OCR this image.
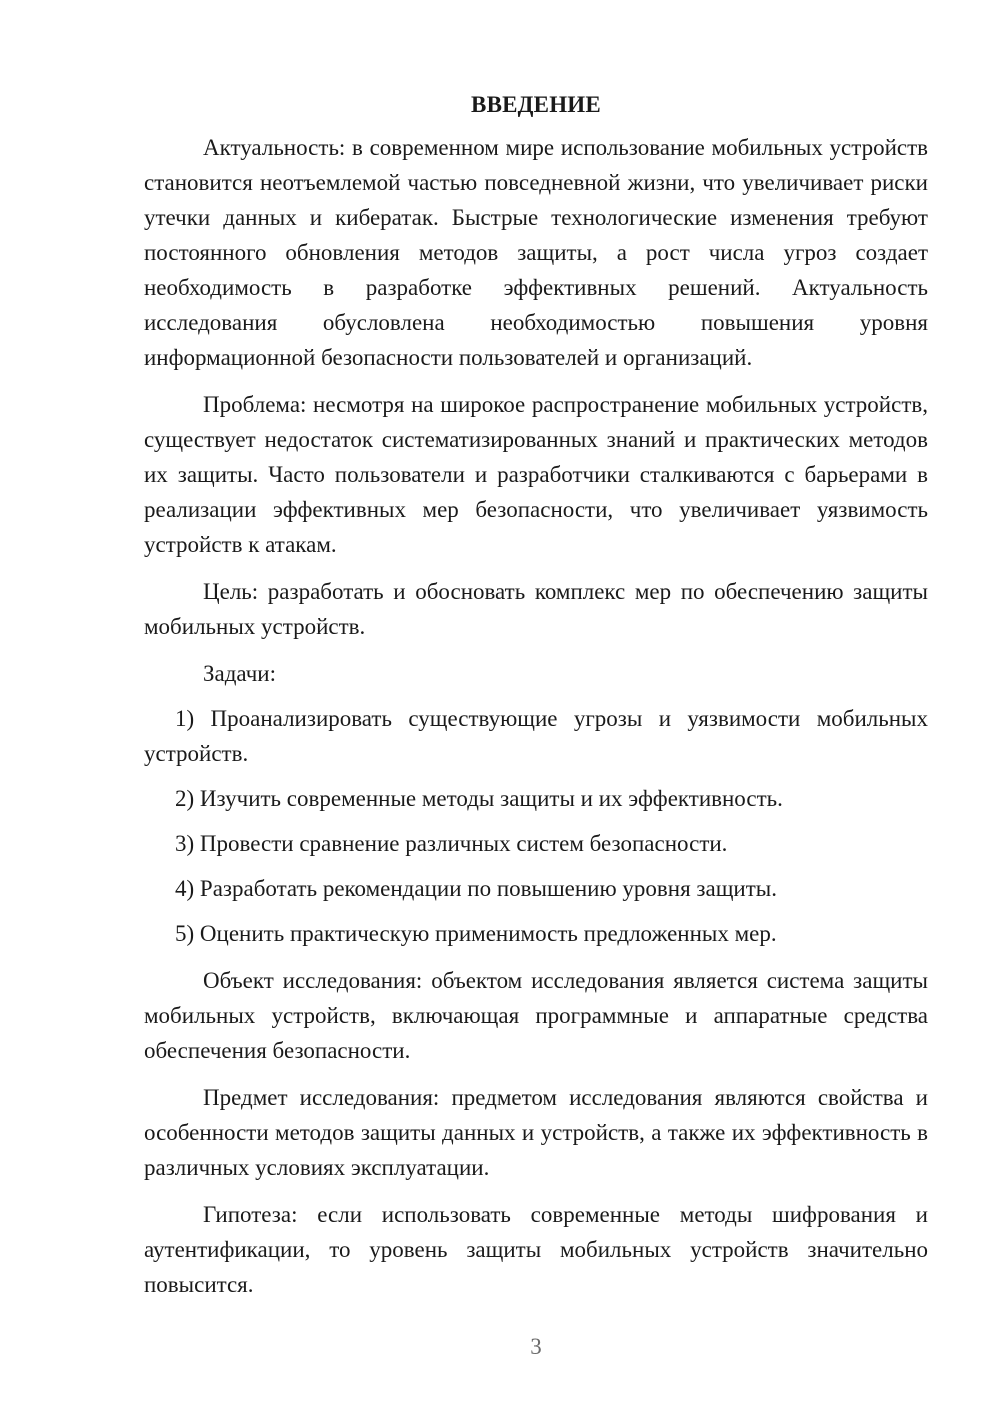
ВВЕДЕНИЕ

Актуальность: в современном мире использование мобильных устройств становится неотъемлемой частью повседневной жизни, что увеличивает риски утечки данных и кибератак. Быстрые технологические изменения требуют постоянного обновления методов защиты, а рост числа угроз создает необходимость в разработке эффективных решений. Актуальность исследования обусловлена необходимостью повышения уровня информационной безопасности пользователей и организаций.

Проблема: несмотря на широкое распространение мобильных устройств, существует недостаток систематизированных знаний и практических методов их защиты. Часто пользователи и разработчики сталкиваются с барьерами в реализации эффективных мер безопасности, что увеличивает уязвимость устройств к атакам.

Цель: разработать и обосновать комплекс мер по обеспечению защиты мобильных устройств.

Задачи:

1) Проанализировать существующие угрозы и уязвимости мобильных устройств.

2) Изучить современные методы защиты и их эффективность.

3) Провести сравнение различных систем безопасности.

4) Разработать рекомендации по повышению уровня защиты.

5) Оценить практическую применимость предложенных мер.

Объект исследования: объектом исследования является система защиты мобильных устройств, включающая программные и аппаратные средства обеспечения безопасности.

Предмет исследования: предметом исследования являются свойства и особенности методов защиты данных и устройств, а также их эффективность в различных условиях эксплуатации.

Гипотеза: если использовать современные методы шифрования и аутентификации, то уровень защиты мобильных устройств значительно повысится.

3
